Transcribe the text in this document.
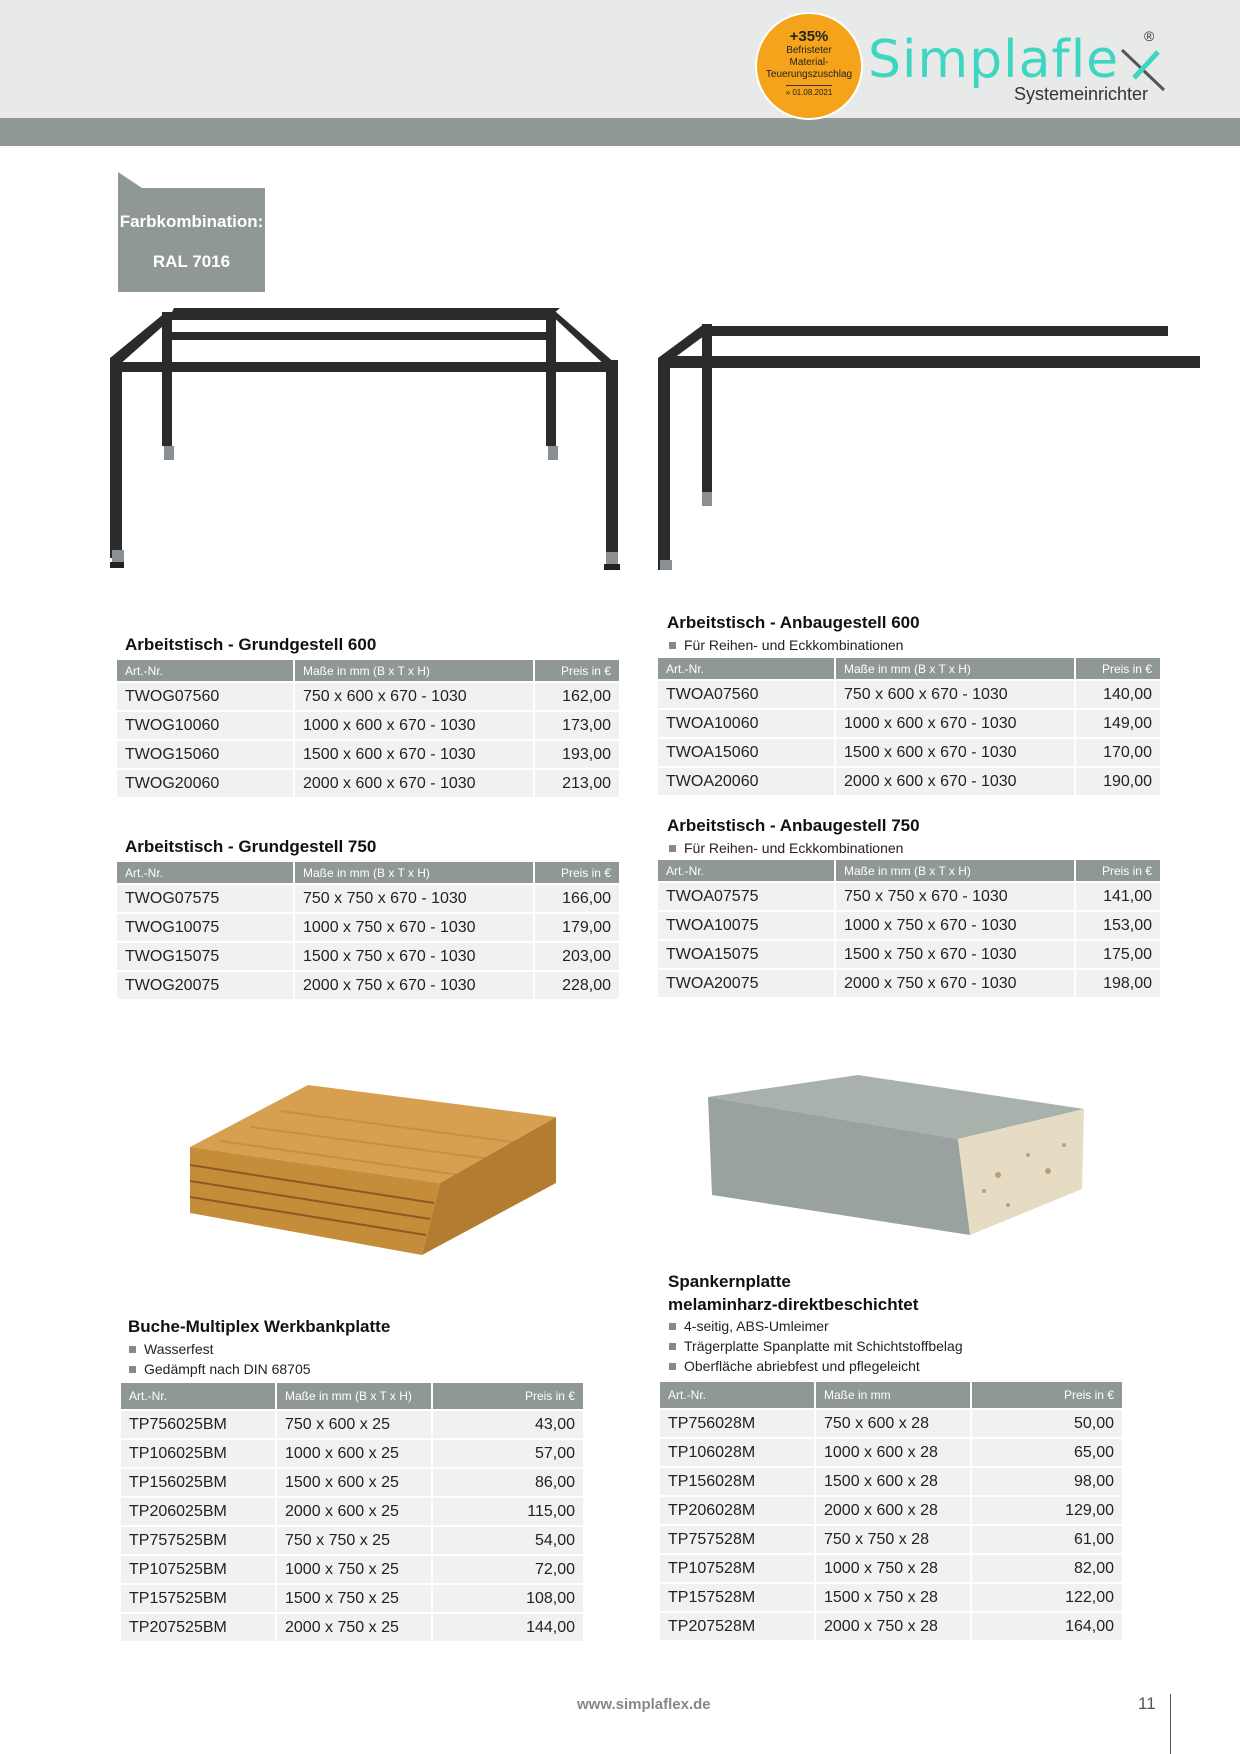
+35%
Befristeter
Material-
Teuerungszuschlag
» 01.08.2021
Simplafle ®
Systemeinrichter
Farbkombination:
RAL 7016
Arbeitstisch - Grundgestell 600
Art.-Nr.	Maße in mm (B x T x H)	Preis in €
TWOG07560	750 x 600 x 670 - 1030	162,00
TWOG10060	1000 x 600 x 670 - 1030	173,00
TWOG15060	1500 x 600 x 670 - 1030	193,00
TWOG20060	2000 x 600 x 670 - 1030	213,00
Arbeitstisch - Grundgestell 750
Art.-Nr.	Maße in mm (B x T x H)	Preis in €
TWOG07575	750 x 750 x 670 - 1030	166,00
TWOG10075	1000 x 750 x 670 - 1030	179,00
TWOG15075	1500 x 750 x 670 - 1030	203,00
TWOG20075	2000 x 750 x 670 - 1030	228,00
Arbeitstisch - Anbaugestell 600
Für Reihen- und Eckkombinationen
Art.-Nr.	Maße in mm (B x T x H)	Preis in €
TWOA07560	750 x 600 x 670 - 1030	140,00
TWOA10060	1000 x 600 x 670 - 1030	149,00
TWOA15060	1500 x 600 x 670 - 1030	170,00
TWOA20060	2000 x 600 x 670 - 1030	190,00
Arbeitstisch - Anbaugestell 750
Für Reihen- und Eckkombinationen
Art.-Nr.	Maße in mm (B x T x H)	Preis in €
TWOA07575	750 x 750 x 670 - 1030	141,00
TWOA10075	1000 x 750 x 670 - 1030	153,00
TWOA15075	1500 x 750 x 670 - 1030	175,00
TWOA20075	2000 x 750 x 670 - 1030	198,00
Buche-Multiplex Werkbankplatte
Wasserfest
Gedämpft nach DIN 68705
Art.-Nr.	Maße in mm (B x T x H)	Preis in €
TP756025BM	750 x 600 x 25	43,00
TP106025BM	1000 x 600 x 25	57,00
TP156025BM	1500 x 600 x 25	86,00
TP206025BM	2000 x 600 x 25	115,00
TP757525BM	750 x 750 x 25	54,00
TP107525BM	1000 x 750 x 25	72,00
TP157525BM	1500 x 750 x 25	108,00
TP207525BM	2000 x 750 x 25	144,00
Spankernplatte
melaminharz-direktbeschichtet
4-seitig, ABS-Umleimer
Trägerplatte Spanplatte mit Schichtstoffbelag
Oberfläche abriebfest und pflegeleicht
Art.-Nr.	Maße in mm	Preis in €
TP756028M	750 x 600 x 28	50,00
TP106028M	1000 x 600 x 28	65,00
TP156028M	1500 x 600 x 28	98,00
TP206028M	2000 x 600 x 28	129,00
TP757528M	750 x 750 x 28	61,00
TP107528M	1000 x 750 x 28	82,00
TP157528M	1500 x 750 x 28	122,00
TP207528M	2000 x 750 x 28	164,00
www.simplaflex.de	11
